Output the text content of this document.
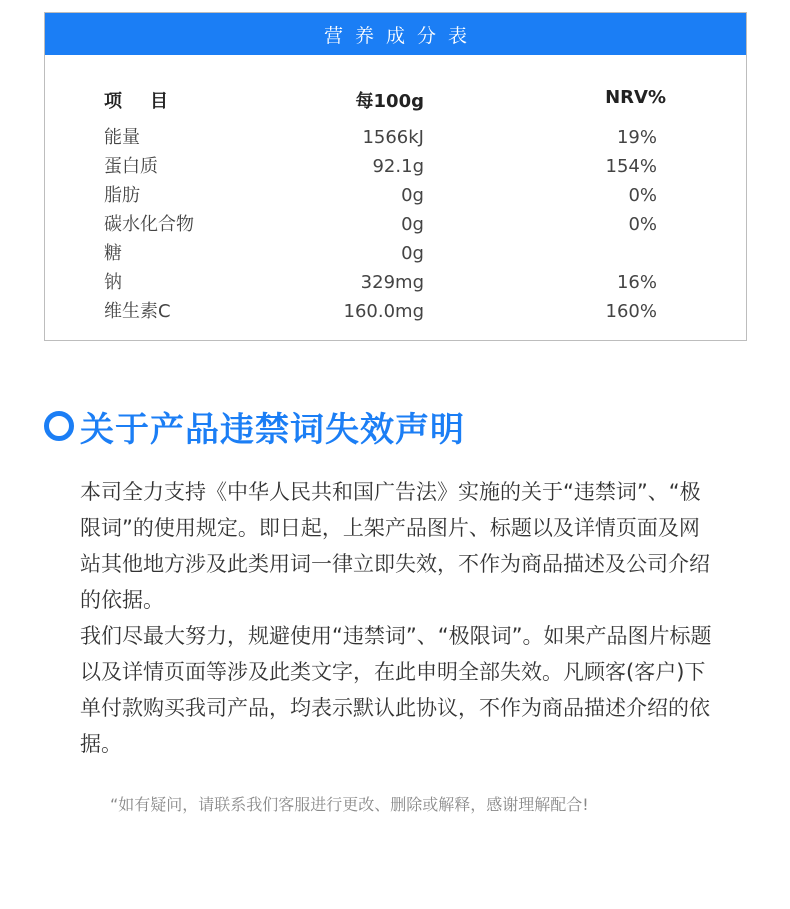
营养成分表
项目	每100g	NRV%
能量	1566kJ	19%
蛋白质	92.1g	154%
脂肪	0g	0%
碳水化合物	0g	0%
糖	0g
钠	329mg	16%
维生素C	160.0mg	160%
关于产品违禁词失效声明

本司全力支持《中华人民共和国广告法》实施的关于“违禁词”、“极限词”的使用规定。即日起，上架产品图片、标题以及详情页面及网站其他地方涉及此类用词一律立即失效，不作为商品描述及公司介绍的依据。

我们尽最大努力，规避使用“违禁词”、“极限词”。如果产品图片标题以及详情页面等涉及此类文字，在此申明全部失效。凡顾客(客户)下单付款购买我司产品，均表示默认此协议，不作为商品描述介绍的依据。

“如有疑问，请联系我们客服进行更改、删除或解释，感谢理解配合!
